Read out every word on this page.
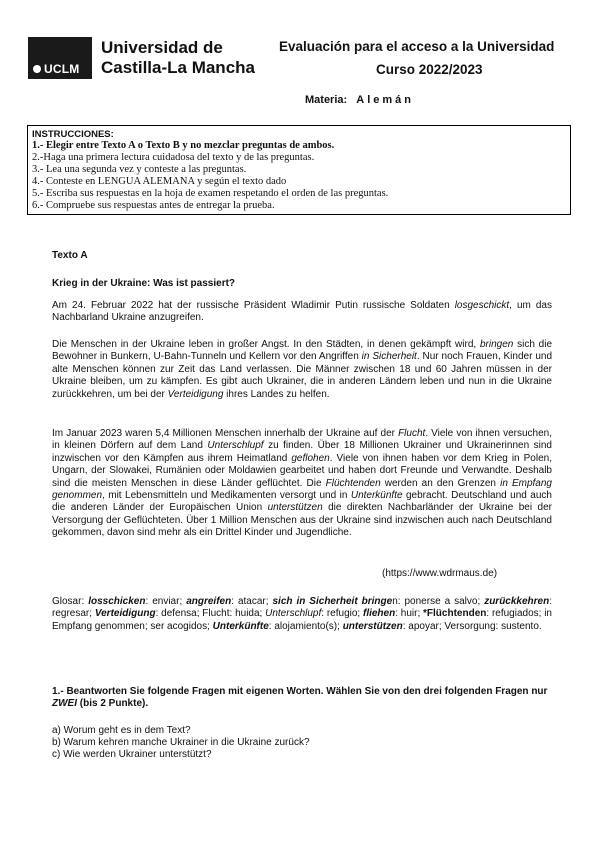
UCLM
Universidad de
Castilla-La Mancha
Evaluación para el acceso a la Universidad
Curso 2022/2023
Materia: Alemán
INSTRUCCIONES:
1.- Elegir entre Texto A o Texto B y no mezclar preguntas de ambos.
2.-Haga una primera lectura cuidadosa del texto y de las preguntas.
3.- Lea una segunda vez y conteste a las preguntas.
4.- Conteste en LENGUA ALEMANA y según el texto dado
5.- Escriba sus respuestas en la hoja de examen respetando el orden de las preguntas.
6.- Compruebe sus respuestas antes de entregar la prueba.
Texto A
Krieg in der Ukraine: Was ist passiert?
Am 24. Februar 2022 hat der russische Präsident Wladimir Putin russische Soldaten losgeschickt, um das Nachbarland Ukraine anzugreifen.
Die Menschen in der Ukraine leben in großer Angst. In den Städten, in denen gekämpft wird, bringen sich die Bewohner in Bunkern, U-Bahn-Tunneln und Kellern vor den Angriffen in Sicherheit. Nur noch Frauen, Kinder und alte Menschen können zur Zeit das Land verlassen. Die Männer zwischen 18 und 60 Jahren müssen in der Ukraine bleiben, um zu kämpfen. Es gibt auch Ukrainer, die in anderen Ländern leben und nun in die Ukraine zurückkehren, um bei der Verteidigung ihres Landes zu helfen.
Im Januar 2023 waren 5,4 Millionen Menschen innerhalb der Ukraine auf der Flucht. Viele von ihnen versuchen, in kleinen Dörfern auf dem Land Unterschlupf zu finden. Über 18 Millionen Ukrainer und Ukrainerinnen sind inzwischen vor den Kämpfen aus ihrem Heimatland geflohen. Viele von ihnen haben vor dem Krieg in Polen, Ungarn, der Slowakei, Rumänien oder Moldawien gearbeitet und haben dort Freunde und Verwandte. Deshalb sind die meisten Menschen in diese Länder geflüchtet. Die Flüchtenden werden an den Grenzen in Empfang genommen, mit Lebensmitteln und Medikamenten versorgt und in Unterkünfte gebracht. Deutschland und auch die anderen Länder der Europäischen Union unterstützen die direkten Nachbarländer der Ukraine bei der Versorgung der Geflüchteten. Über 1 Million Menschen aus der Ukraine sind inzwischen auch nach Deutschland gekommen, davon sind mehr als ein Drittel Kinder und Jugendliche.
(https://www.wdrmaus.de)
Glosar: losschicken: enviar; angreifen: atacar; sich in Sicherheit bringen: ponerse a salvo; zurückkehren: regresar; Verteidigung: defensa; Flucht: huida; Unterschlupf: refugio; fliehen: huir; *Flüchtenden: refugiados; in Empfang genommen; ser acogidos; Unterkünfte: alojamiento(s); unterstützen: apoyar; Versorgung: sustento.
1.- Beantworten Sie folgende Fragen mit eigenen Worten. Wählen Sie von den drei folgenden Fragen nur ZWEI (bis 2 Punkte).
a) Worum geht es in dem Text?
b) Warum kehren manche Ukrainer in die Ukraine zurück?
c) Wie werden Ukrainer unterstützt?
